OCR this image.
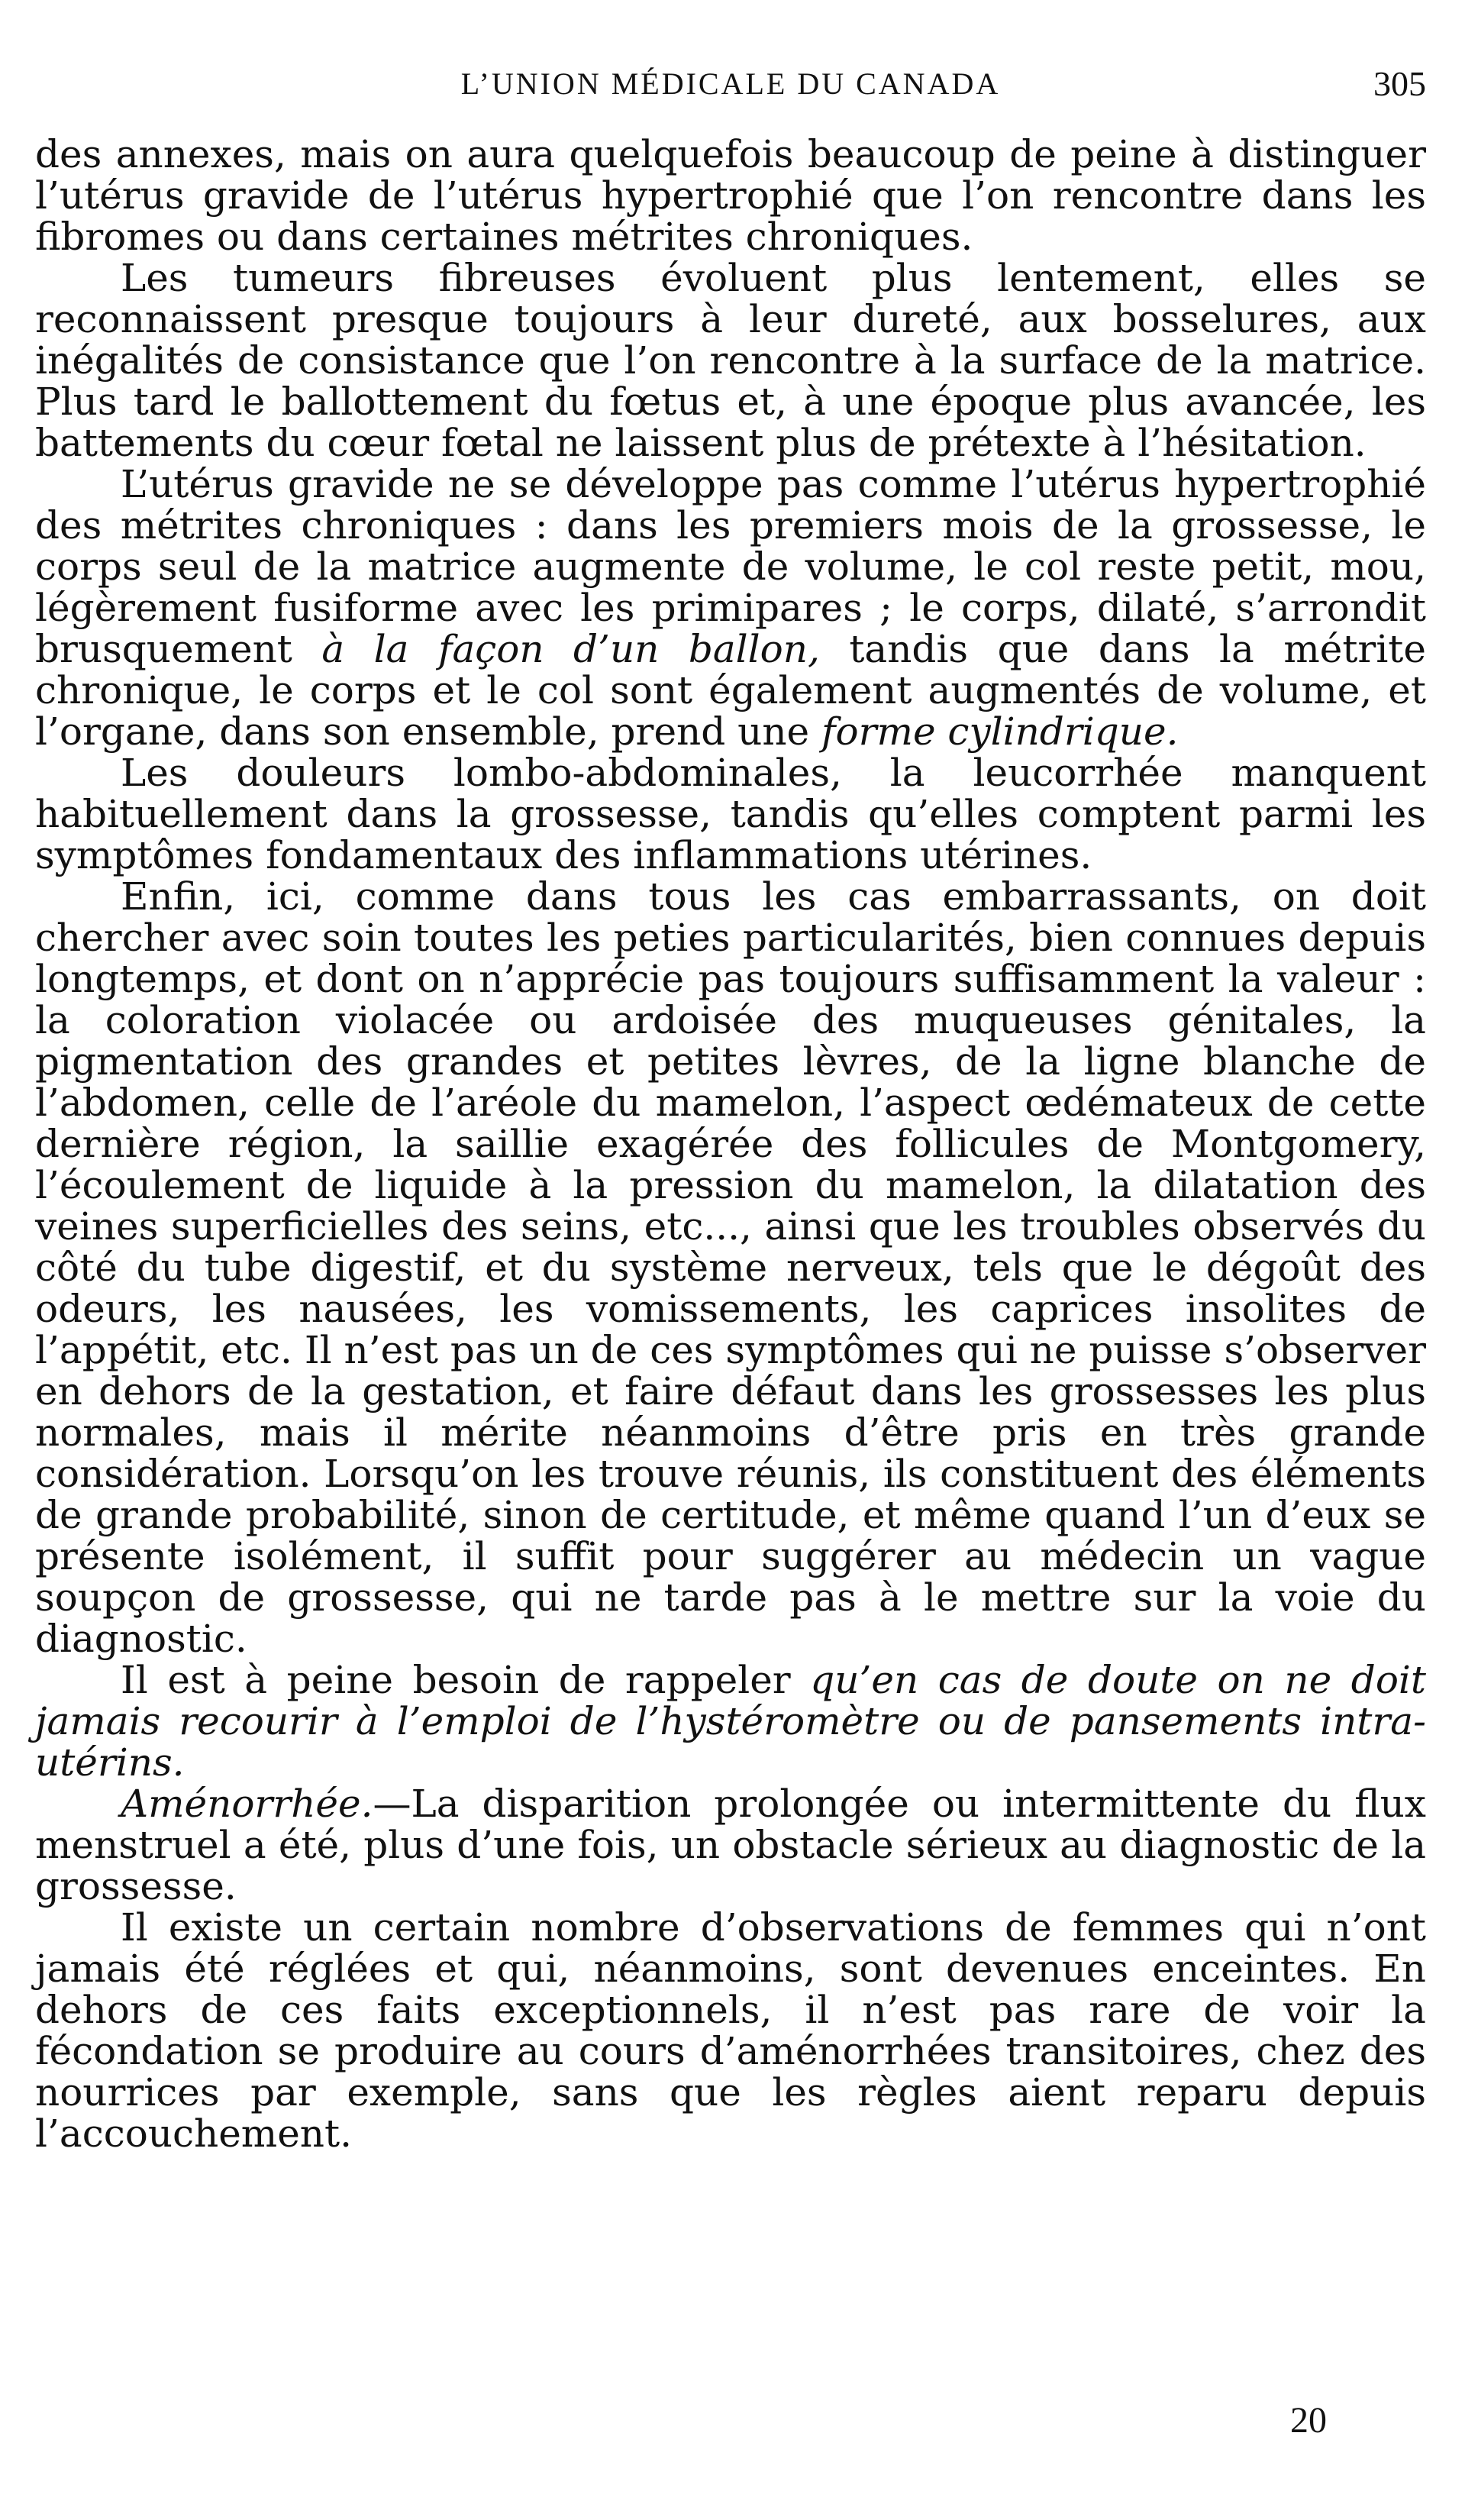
L’UNION MÉDICALE DU CANADA	305

des annexes, mais on aura quelquefois beaucoup de peine à distinguer l’utérus gravide de l’utérus hypertrophié que l’on rencontre dans les fibromes ou dans certaines métrites chroniques.

Les tumeurs fibreuses évoluent plus lentement, elles se reconnaissent presque toujours à leur dureté, aux bosselures, aux inégalités de consistance que l’on rencontre à la surface de la matrice. Plus tard le ballottement du fœtus et, à une époque plus avancée, les battements du cœur fœtal ne laissent plus de prétexte à l’hésitation.

L’utérus gravide ne se développe pas comme l’utérus hypertrophié des métrites chroniques : dans les premiers mois de la grossesse, le corps seul de la matrice augmente de volume, le col reste petit, mou, légèrement fusiforme avec les primipares ; le corps, dilaté, s’arrondit brusquement à la façon d’un ballon, tandis que dans la métrite chronique, le corps et le col sont également augmentés de volume, et l’organe, dans son ensemble, prend une forme cylindrique.

Les douleurs lombo-abdominales, la leucorrhée manquent habituellement dans la grossesse, tandis qu’elles comptent parmi les symptômes fondamentaux des inflammations utérines.

Enfin, ici, comme dans tous les cas embarrassants, on doit chercher avec soin toutes les peties particularités, bien connues depuis longtemps, et dont on n’apprécie pas toujours suffisamment la valeur : la coloration violacée ou ardoisée des muqueuses génitales, la pigmentation des grandes et petites lèvres, de la ligne blanche de l’abdomen, celle de l’aréole du mamelon, l’aspect œdémateux de cette dernière région, la saillie exagérée des follicules de Montgomery, l’écoulement de liquide à la pression du mamelon, la dilatation des veines superficielles des seins, etc..., ainsi que les troubles observés du côté du tube digestif, et du système nerveux, tels que le dégoût des odeurs, les nausées, les vomissements, les caprices insolites de l’appétit, etc. Il n’est pas un de ces symptômes qui ne puisse s’observer en dehors de la gestation, et faire défaut dans les grossesses les plus normales, mais il mérite néanmoins d’être pris en très grande considération. Lorsqu’on les trouve réunis, ils constituent des éléments de grande probabilité, sinon de certitude, et même quand l’un d’eux se présente isolément, il suffit pour suggérer au médecin un vague soupçon de grossesse, qui ne tarde pas à le mettre sur la voie du diagnostic.

Il est à peine besoin de rappeler qu’en cas de doute on ne doit jamais recourir à l’emploi de l’hystéromètre ou de pansements intra-utérins.

Aménorrhée.—La disparition prolongée ou intermittente du flux menstruel a été, plus d’une fois, un obstacle sérieux au diagnostic de la grossesse.

Il existe un certain nombre d’observations de femmes qui n’ont jamais été réglées et qui, néanmoins, sont devenues enceintes. En dehors de ces faits exceptionnels, il n’est pas rare de voir la fécondation se produire au cours d’aménorrhées transitoires, chez des nourrices par exemple, sans que les règles aient reparu depuis l’accouchement.

20
